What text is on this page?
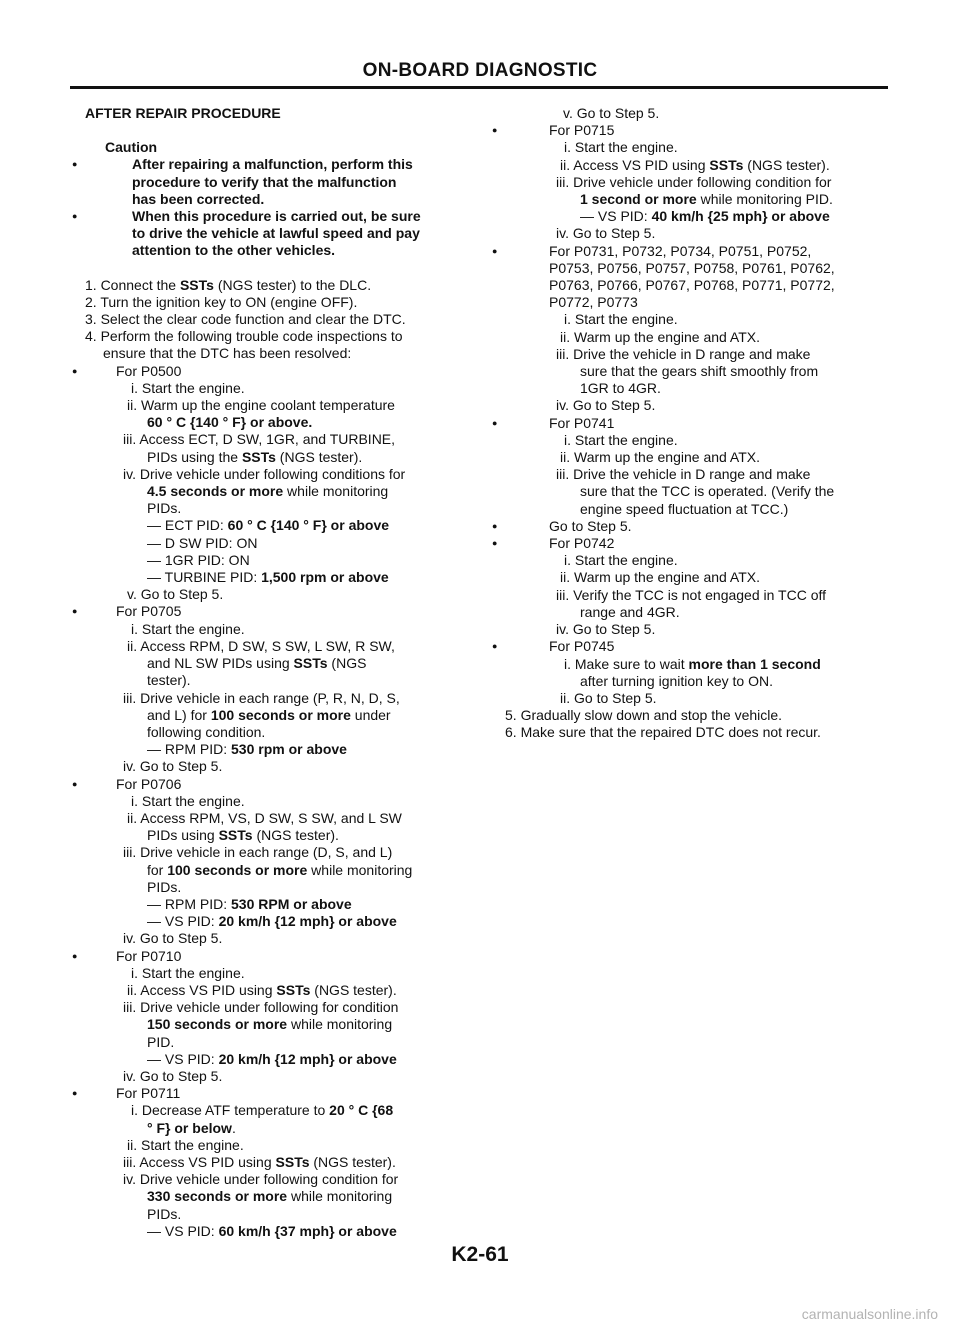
ON-BOARD DIAGNOSTIC
AFTER REPAIR PROCEDURE
Caution
● After repairing a malfunction, perform this
procedure to verify that the malfunction
has been corrected.
● When this procedure is carried out, be sure
to drive the vehicle at lawful speed and pay
attention to the other vehicles.
1. Connect the SSTs (NGS tester) to the DLC.
2. Turn the ignition key to ON (engine OFF).
3. Select the clear code function and clear the DTC.
4. Perform the following trouble code inspections to
ensure that the DTC has been resolved:
● For P0500
i. Start the engine.
ii. Warm up the engine coolant temperature
60 ° C {140 ° F} or above.
iii. Access ECT, D SW, 1GR, and TURBINE,
PIDs using the SSTs (NGS tester).
iv. Drive vehicle under following conditions for
4.5 seconds or more while monitoring
PIDs.
— ECT PID: 60 ° C {140 ° F} or above
— D SW PID: ON
— 1GR PID: ON
— TURBINE PID: 1,500 rpm or above
v. Go to Step 5.
● For P0705
i. Start the engine.
ii. Access RPM, D SW, S SW, L SW, R SW,
and NL SW PIDs using SSTs (NGS
tester).
iii. Drive vehicle in each range (P, R, N, D, S,
and L) for 100 seconds or more under
following condition.
— RPM PID: 530 rpm or above
iv. Go to Step 5.
● For P0706
i. Start the engine.
ii. Access RPM, VS, D SW, S SW, and L SW
PIDs using SSTs (NGS tester).
iii. Drive vehicle in each range (D, S, and L)
for 100 seconds or more while monitoring
PIDs.
— RPM PID: 530 RPM or above
— VS PID: 20 km/h {12 mph} or above
iv. Go to Step 5.
● For P0710
i. Start the engine.
ii. Access VS PID using SSTs (NGS tester).
iii. Drive vehicle under following for condition
150 seconds or more while monitoring
PID.
— VS PID: 20 km/h {12 mph} or above
iv. Go to Step 5.
● For P0711
i. Decrease ATF temperature to 20 ° C {68
° F} or below.
ii. Start the engine.
iii. Access VS PID using SSTs (NGS tester).
iv. Drive vehicle under following condition for
330 seconds or more while monitoring
PIDs.
— VS PID: 60 km/h {37 mph} or above
v. Go to Step 5.
● For P0715
i. Start the engine.
ii. Access VS PID using SSTs (NGS tester).
iii. Drive vehicle under following condition for
1 second or more while monitoring PID.
— VS PID: 40 km/h {25 mph} or above
iv. Go to Step 5.
● For P0731, P0732, P0734, P0751, P0752,
P0753, P0756, P0757, P0758, P0761, P0762,
P0763, P0766, P0767, P0768, P0771, P0772,
P0772, P0773
i. Start the engine.
ii. Warm up the engine and ATX.
iii. Drive the vehicle in D range and make
sure that the gears shift smoothly from
1GR to 4GR.
iv. Go to Step 5.
● For P0741
i. Start the engine.
ii. Warm up the engine and ATX.
iii. Drive the vehicle in D range and make
sure that the TCC is operated. (Verify the
engine speed fluctuation at TCC.)
● Go to Step 5.
● For P0742
i. Start the engine.
ii. Warm up the engine and ATX.
iii. Verify the TCC is not engaged in TCC off
range and 4GR.
iv. Go to Step 5.
● For P0745
i. Make sure to wait more than 1 second
after turning ignition key to ON.
ii. Go to Step 5.
5. Gradually slow down and stop the vehicle.
6. Make sure that the repaired DTC does not recur.
K2-61
carmanualsonline.info
